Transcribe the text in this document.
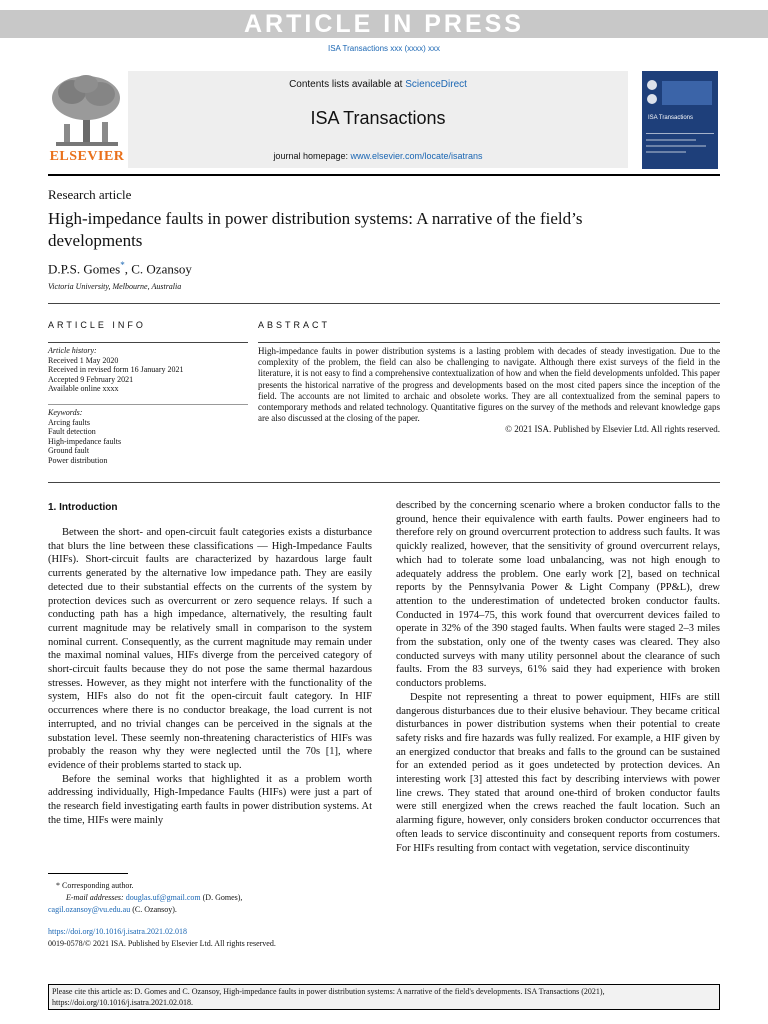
ARTICLE IN PRESS
ISA Transactions xxx (xxxx) xxx
ELSEVIER
Contents lists available at ScienceDirect
ISA Transactions
journal homepage: www.elsevier.com/locate/isatrans
ISA Transactions
Research article
High-impedance faults in power distribution systems: A narrative of the field’s developments
D.P.S. Gomes*, C. Ozansoy
Victoria University, Melbourne, Australia
ARTICLE INFO
Article history:
Received 1 May 2020
Received in revised form 16 January 2021
Accepted 9 February 2021
Available online xxxx
Keywords:
Arcing faults
Fault detection
High-impedance faults
Ground fault
Power distribution
ABSTRACT
High-impedance faults in power distribution systems is a lasting problem with decades of steady investigation. Due to the complexity of the problem, the field can also be challenging to navigate. Although there exist surveys of the field in the literature, it is not easy to find a comprehensive contextualization of how and when the field developments unfolded. This paper presents the historical narrative of the progress and developments based on the most cited papers since the inception of the field. The accounts are not limited to archaic and obsolete works. They are all contextualized from the seminal papers to contemporary methods and related technology. Quantitative figures on the survey of the methods and relevant knowledge gaps are also discussed at the closing of the paper.
© 2021 ISA. Published by Elsevier Ltd. All rights reserved.
1. Introduction

Between the short- and open-circuit fault categories exists a disturbance that blurs the line between these classifications — High-Impedance Faults (HIFs). Short-circuit faults are characterized by hazardous large fault currents generated by the alternative low impedance path. They are easily detected due to their substantial effects on the currents of the system by protection devices such as overcurrent or zero sequence relays. If such a conducting path has a high impedance, alternatively, the resulting fault current magnitude may be relatively small in comparison to the system nominal current. Consequently, as the current magnitude may remain under the maximal nominal values, HIFs diverge from the perceived category of short-circuit faults because they do not pose the same thermal hazardous stresses. However, as they might not interfere with the functionality of the system, HIFs also do not fit the open-circuit fault category. In HIF occurrences where there is no conductor breakage, the load current is not interrupted, and no trivial changes can be perceived in the signals at the substation level. These seemly non-threatening characteristics of HIFs was probably the reason why they were neglected until the 70s [1], where evidence of their problems started to stack up.

Before the seminal works that highlighted it as a problem worth addressing individually, High-Impedance Faults (HIFs) were just a part of the research field investigating earth faults in power distribution systems. At the time, HIFs were mainly

described by the concerning scenario where a broken conductor falls to the ground, hence their equivalence with earth faults. Power engineers had to therefore rely on ground overcurrent protection to address such faults. It was quickly realized, however, that the sensitivity of ground overcurrent relays, which had to tolerate some load unbalancing, was not high enough to adequately address the problem. One early work [2], based on technical reports by the Pennsylvania Power & Light Company (PP&L), drew attention to the underestimation of undetected broken conductor faults. Conducted in 1974–75, this work found that overcurrent devices failed to operate in 32% of the 390 staged faults. When faults were staged 2–3 miles from the substation, only one of the twenty cases was cleared. They also conducted surveys with many utility personnel about the clearance of such faults. From the 83 surveys, 61% said they had experience with broken conductors problems.

Despite not representing a threat to power equipment, HIFs are still dangerous disturbances due to their elusive behaviour. They became critical disturbances in power distribution systems when their potential to create safety risks and fire hazards was fully realized. For example, a HIF given by an energized conductor that breaks and falls to the ground can be sustained for an extended period as it goes undetected by protection devices. An interesting work [3] attested this fact by describing interviews with power line crews. They stated that around one-third of broken conductor faults were still energized when the crews reached the fault location. Such an alarming figure, however, only considers broken conductor occurrences that often leads to service discontinuity and consequent reports from costumers. For HIFs resulting from contact with vegetation, service discontinuity

* Corresponding author.
E-mail addresses: douglas.uf@gmail.com (D. Gomes),
cagil.ozansoy@vu.edu.au (C. Ozansoy).
https://doi.org/10.1016/j.isatra.2021.02.018
0019-0578/© 2021 ISA. Published by Elsevier Ltd. All rights reserved.
Please cite this article as: D. Gomes and C. Ozansoy, High-impedance faults in power distribution systems: A narrative of the field's developments. ISA Transactions (2021), https://doi.org/10.1016/j.isatra.2021.02.018.
